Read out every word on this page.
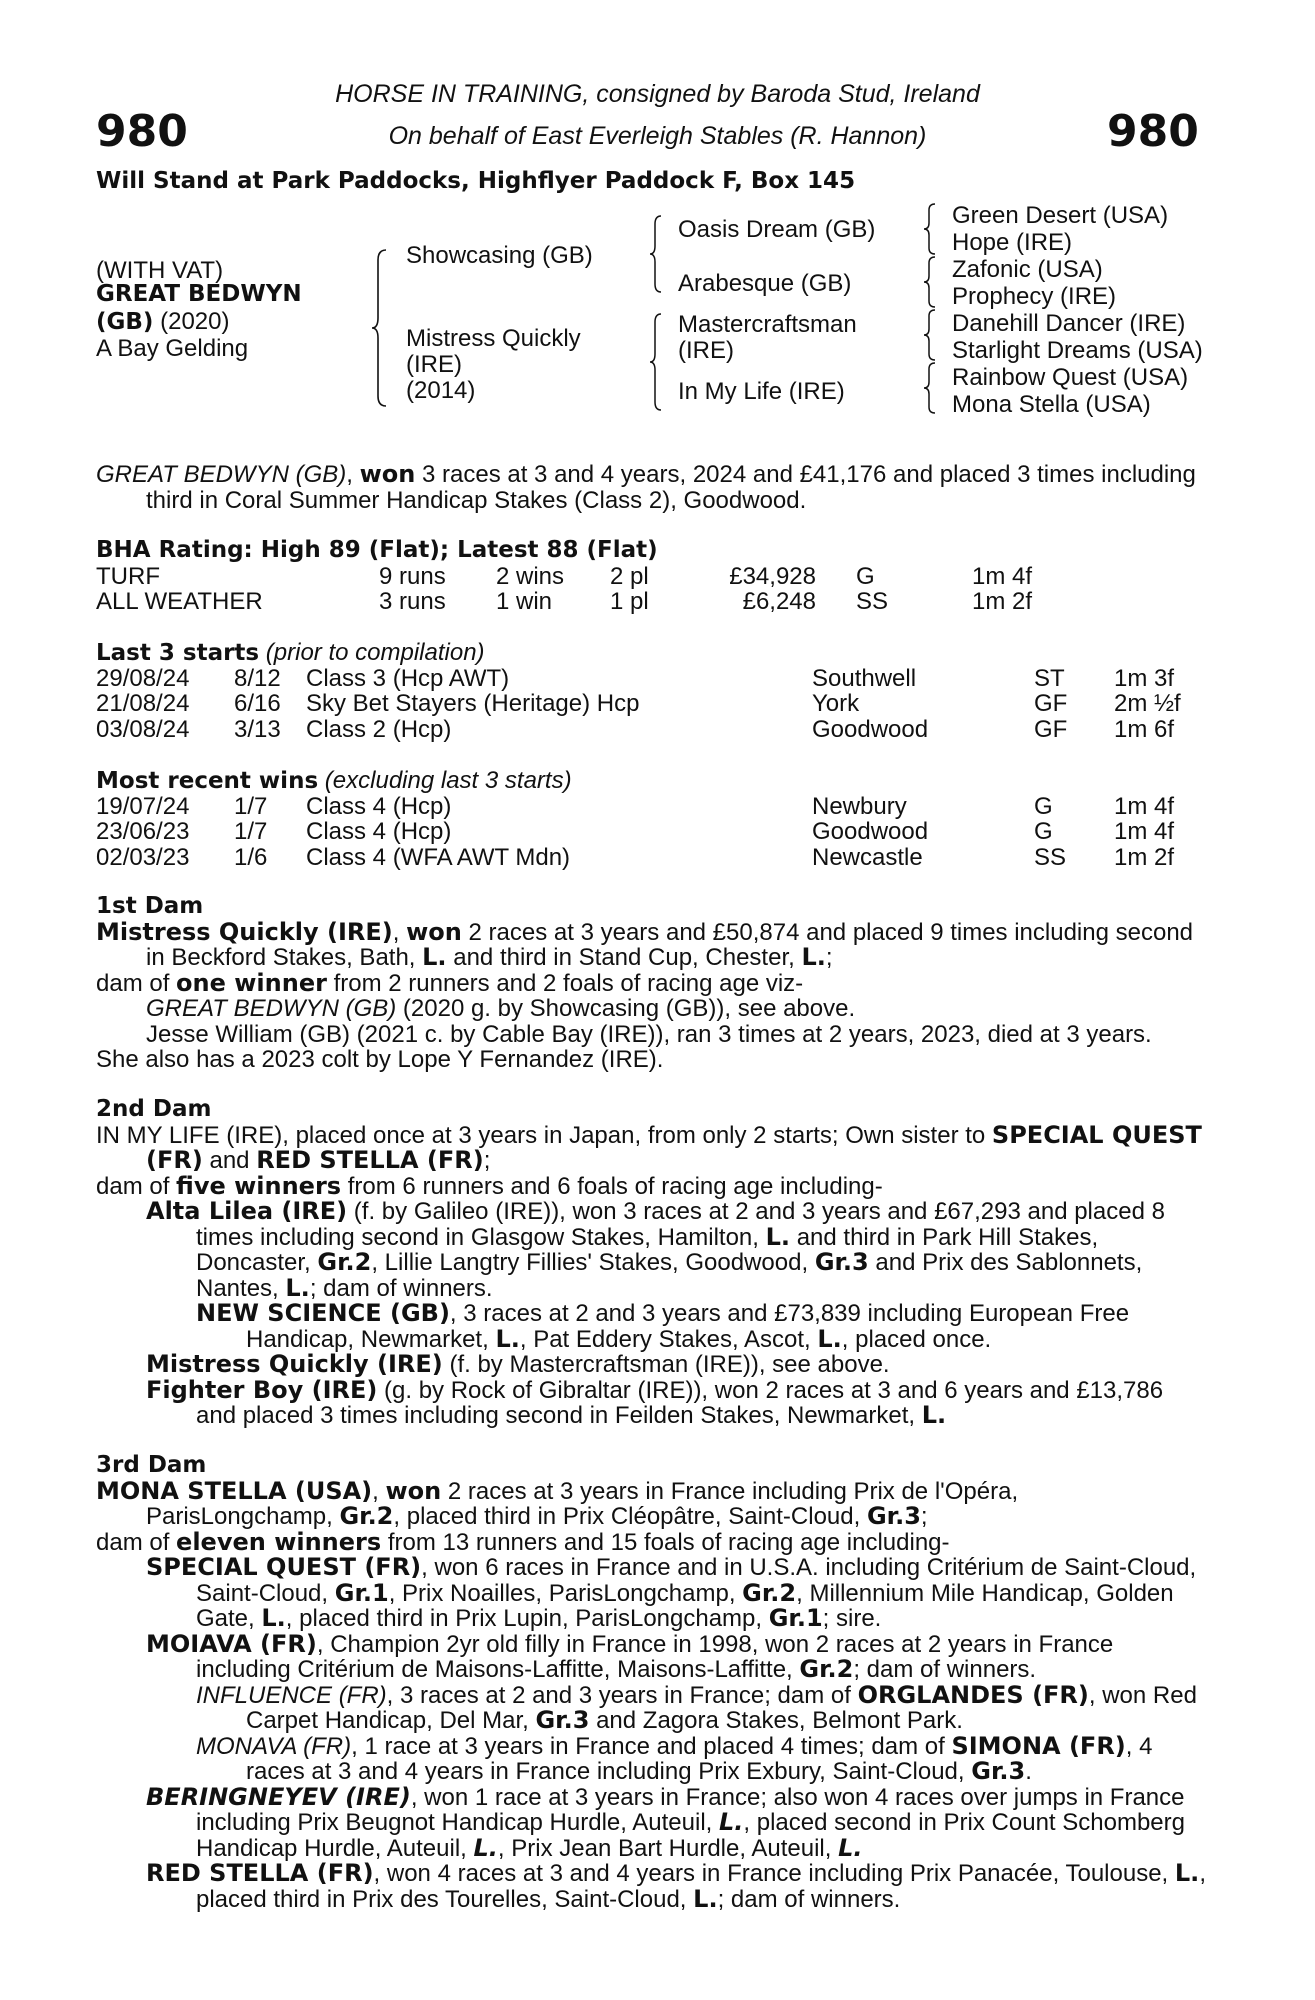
HORSE IN TRAINING, consigned by Baroda Stud, Ireland
On behalf of East Everleigh Stables (R. Hannon)
980	980
Will Stand at Park Paddocks, Highflyer Paddock F, Box 145
(WITH VAT)
GREAT BEDWYN
(GB) (2020)
A Bay Gelding
Showcasing (GB)
Mistress Quickly
(IRE)
(2014)
Oasis Dream (GB)
Arabesque (GB)
Mastercraftsman
(IRE)
In My Life (IRE)
Green Desert (USA)
Hope (IRE)
Zafonic (USA)
Prophecy (IRE)
Danehill Dancer (IRE)
Starlight Dreams (USA)
Rainbow Quest (USA)
Mona Stella (USA)

GREAT BEDWYN (GB), won 3 races at 3 and 4 years, 2024 and £41,176 and placed 3 times including third in Coral Summer Handicap Stakes (Class 2), Goodwood.

BHA Rating: High 89 (Flat); Latest 88 (Flat)
TURF	9 runs 2 wins 2 pl	£34,928 G	1m 4f
ALL WEATHER	3 runs 1 win 1 pl	£6,248 SS	1m 2f
Last 3 starts (prior to compilation)
29/08/24 8/12 Class 3 (Hcp AWT)	Southwell	ST 1m 3f
21/08/24 6/16 Sky Bet Stayers (Heritage) Hcp	York	GF 2m ½f
03/08/24 3/13 Class 2 (Hcp)	Goodwood	GF 1m 6f
Most recent wins (excluding last 3 starts)
19/07/24 1/7 Class 4 (Hcp)	Newbury	G	1m 4f
23/06/23 1/7 Class 4 (Hcp)	Goodwood	G	1m 4f
02/03/23 1/6 Class 4 (WFA AWT Mdn)	Newcastle	SS 1m 2f

1st Dam

Mistress Quickly (IRE), won 2 races at 3 years and £50,874 and placed 9 times including second in Beckford Stakes, Bath, L. and third in Stand Cup, Chester, L.;

dam of one winner from 2 runners and 2 foals of racing age viz-

GREAT BEDWYN (GB) (2020 g. by Showcasing (GB)), see above.

Jesse William (GB) (2021 c. by Cable Bay (IRE)), ran 3 times at 2 years, 2023, died at 3 years.

She also has a 2023 colt by Lope Y Fernandez (IRE).

2nd Dam

IN MY LIFE (IRE), placed once at 3 years in Japan, from only 2 starts; Own sister to SPECIAL QUEST (FR) and RED STELLA (FR);

dam of five winners from 6 runners and 6 foals of racing age including-

Alta Lilea (IRE) (f. by Galileo (IRE)), won 3 races at 2 and 3 years and £67,293 and placed 8 times including second in Glasgow Stakes, Hamilton, L. and third in Park Hill Stakes, Doncaster, Gr.2, Lillie Langtry Fillies' Stakes, Goodwood, Gr.3 and Prix des Sablonnets, Nantes, L.; dam of winners.

NEW SCIENCE (GB), 3 races at 2 and 3 years and £73,839 including European Free Handicap, Newmarket, L., Pat Eddery Stakes, Ascot, L., placed once.

Mistress Quickly (IRE) (f. by Mastercraftsman (IRE)), see above.

Fighter Boy (IRE) (g. by Rock of Gibraltar (IRE)), won 2 races at 3 and 6 years and £13,786 and placed 3 times including second in Feilden Stakes, Newmarket, L.

3rd Dam

MONA STELLA (USA), won 2 races at 3 years in France including Prix de l'Opéra, ParisLongchamp, Gr.2, placed third in Prix Cléopâtre, Saint-Cloud, Gr.3;

dam of eleven winners from 13 runners and 15 foals of racing age including-

SPECIAL QUEST (FR), won 6 races in France and in U.S.A. including Critérium de Saint-Cloud, Saint-Cloud, Gr.1, Prix Noailles, ParisLongchamp, Gr.2, Millennium Mile Handicap, Golden Gate, L., placed third in Prix Lupin, ParisLongchamp, Gr.1; sire.

MOIAVA (FR), Champion 2yr old filly in France in 1998, won 2 races at 2 years in France including Critérium de Maisons-Laffitte, Maisons-Laffitte, Gr.2; dam of winners.

INFLUENCE (FR), 3 races at 2 and 3 years in France; dam of ORGLANDES (FR), won Red Carpet Handicap, Del Mar, Gr.3 and Zagora Stakes, Belmont Park.

MONAVA (FR), 1 race at 3 years in France and placed 4 times; dam of SIMONA (FR), 4 races at 3 and 4 years in France including Prix Exbury, Saint-Cloud, Gr.3.

BERINGNEYEV (IRE), won 1 race at 3 years in France; also won 4 races over jumps in France including Prix Beugnot Handicap Hurdle, Auteuil, L., placed second in Prix Count Schomberg Handicap Hurdle, Auteuil, L., Prix Jean Bart Hurdle, Auteuil, L.

RED STELLA (FR), won 4 races at 3 and 4 years in France including Prix Panacée, Toulouse, L., placed third in Prix des Tourelles, Saint-Cloud, L.; dam of winners.
